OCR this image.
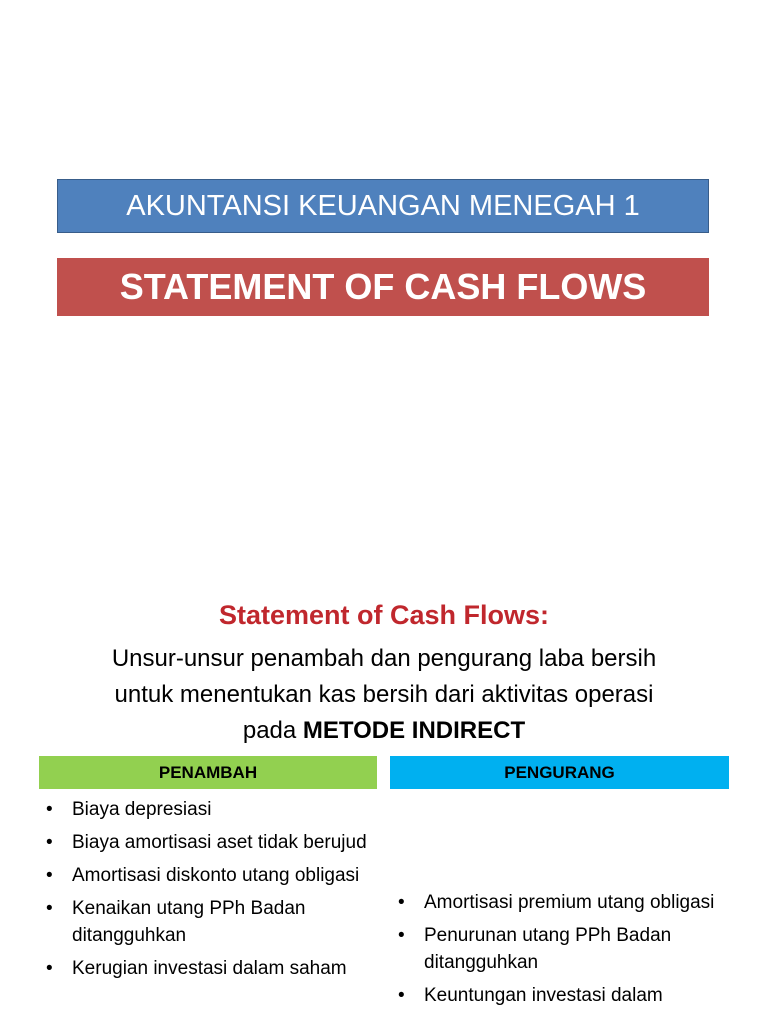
AKUNTANSI KEUANGAN MENEGAH 1
STATEMENT OF CASH FLOWS
Statement of Cash Flows:
Unsur-unsur penambah dan pengurang laba bersih
untuk menentukan kas bersih dari aktivitas operasi
pada METODE INDIRECT
PENAMBAH	PENGURANG
• Biaya depresiasi
• Biaya amortisasi aset tidak berujud
• Amortisasi diskonto utang obligasi
• Kenaikan utang PPh Badan ditangguhkan
• Kerugian investasi dalam saham
• Amortisasi premium utang obligasi
• Penurunan utang PPh Badan ditangguhkan
• Keuntungan investasi dalam
